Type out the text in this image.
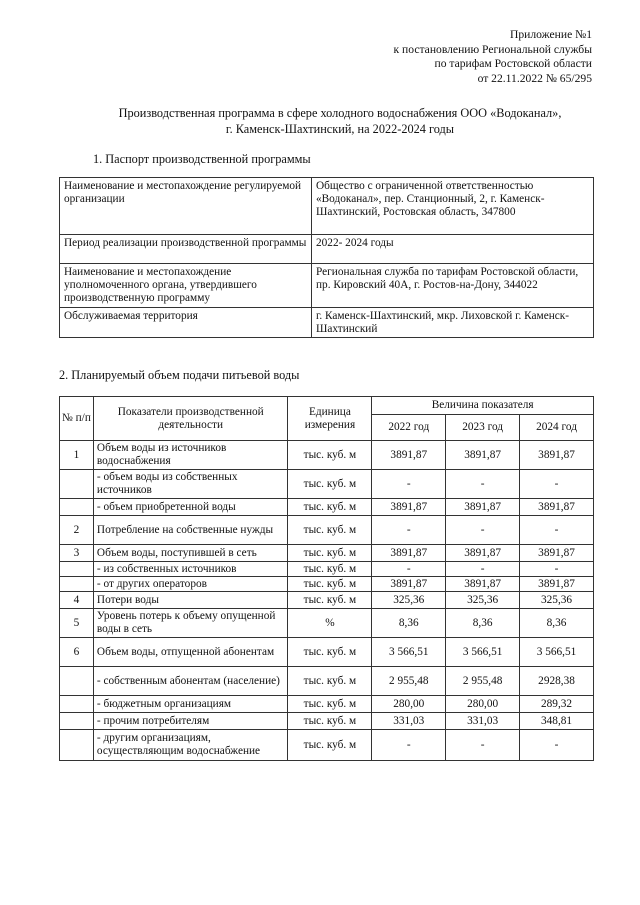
Приложение №1
к постановлению Региональной службы
по тарифам Ростовской области
от 22.11.2022 № 65/295
Производственная программа в сфере холодного водоснабжения ООО «Водоканал»,
г. Каменск-Шахтинский, на 2022-2024 годы
1. Паспорт производственной программы
Наименование и местопахождение регулируемой организации	Общество с ограниченной ответственностью «Водоканал», пер. Станционный, 2, г. Каменск-Шахтинский, Ростовская область, 347800
Период реализации производственной программы	2022- 2024 годы
Наименование и местопахождение уполномоченного органа, утвердившего производственную программу	Региональная служба по тарифам Ростовской области, пр. Кировский 40А, г. Ростов-на-Дону, 344022
Обслуживаемая территория	г. Каменск-Шахтинский, мкр. Лиховской г. Каменск-Шахтинский
2. Планируемый объем подачи питьевой воды
№ п/п	Показатели производственной деятельности	Единица измерения	Величина показателя		
			2022 год	2023 год	2024 год
1	Объем воды из источников водоснабжения	тыс. куб. м	3891,87	3891,87	3891,87
	- объем воды из собственных источников	тыс. куб. м	-	-	-
	- объем приобретенной воды	тыс. куб. м	3891,87	3891,87	3891,87
2	Потребление на собственные нужды	тыс. куб. м	-	-	-
3	Объем воды, поступившей в сеть	тыс. куб. м	3891,87	3891,87	3891,87
	- из собственных источников	тыс. куб. м	-	-	-
	- от других операторов	тыс. куб. м	3891,87	3891,87	3891,87
4	Потери воды	тыс. куб. м	325,36	325,36	325,36
5	Уровень потерь к объему опущенной воды в сеть	%	8,36	8,36	8,36
6	Объем воды, отпущенной абонентам	тыс. куб. м	3 566,51	3 566,51	3 566,51
	- собственным абонентам (население)	тыс. куб. м	2 955,48	2 955,48	2928,38
	- бюджетным организациям	тыс. куб. м	280,00	280,00	289,32
	- прочим потребителям	тыс. куб. м	331,03	331,03	348,81
	- другим организациям, осуществляющим водоснабжение	тыс. куб. м	-	-	-
